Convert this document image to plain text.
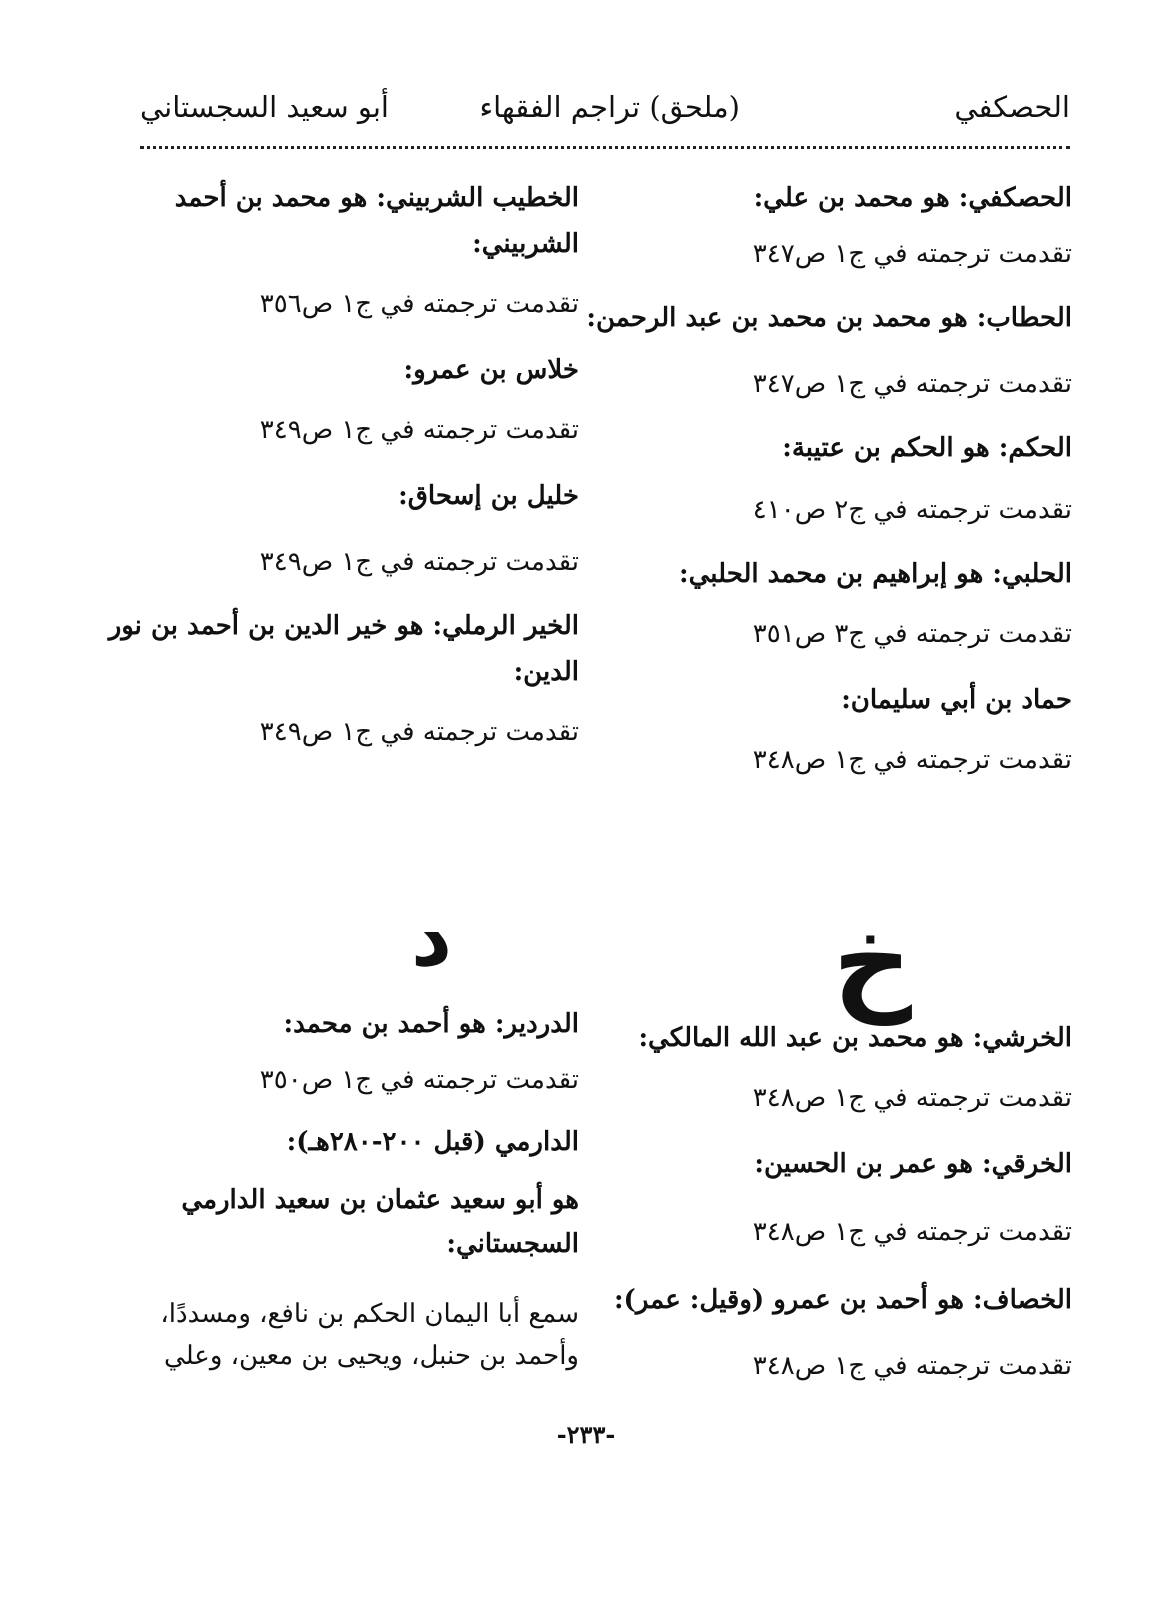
الحصكفي
(ملحق) تراجم الفقهاء
أبو سعيد السجستاني
الحصكفي: هو محمد بن علي:
تقدمت ترجمته في ج١ ص٣٤٧
الحطاب: هو محمد بن محمد بن عبد الرحمن:
تقدمت ترجمته في ج١ ص٣٤٧
الحكم: هو الحكم بن عتيبة:
تقدمت ترجمته في ج٢ ص٤١٠
الحلبي: هو إبراهيم بن محمد الحلبي:
تقدمت ترجمته في ج٣ ص٣٥١
حماد بن أبي سليمان:
تقدمت ترجمته في ج١ ص٣٤٨
الخطيب الشربيني: هو محمد بن أحمد
الشربيني:
تقدمت ترجمته في ج١ ص٣٥٦
خلاس بن عمرو:
تقدمت ترجمته في ج١ ص٣٤٩
خليل بن إسحاق:
تقدمت ترجمته في ج١ ص٣٤٩
الخير الرملي: هو خير الدين بن أحمد بن نور
الدين:
تقدمت ترجمته في ج١ ص٣٤٩
خ
د
الخرشي: هو محمد بن عبد الله المالكي:
تقدمت ترجمته في ج١ ص٣٤٨
الخرقي: هو عمر بن الحسين:
تقدمت ترجمته في ج١ ص٣٤٨
الخصاف: هو أحمد بن عمرو (وقيل: عمر):
تقدمت ترجمته في ج١ ص٣٤٨
الدردير: هو أحمد بن محمد:
تقدمت ترجمته في ج١ ص٣٥٠
الدارمي (قبل ٢٠٠-٢٨٠هـ):
هو أبو سعيد عثمان بن سعيد الدارمي
السجستاني:
سمع أبا اليمان الحكم بن نافع، ومسددًا،
وأحمد بن حنبل، ويحيى بن معين، وعلي
-٢٣٣-
